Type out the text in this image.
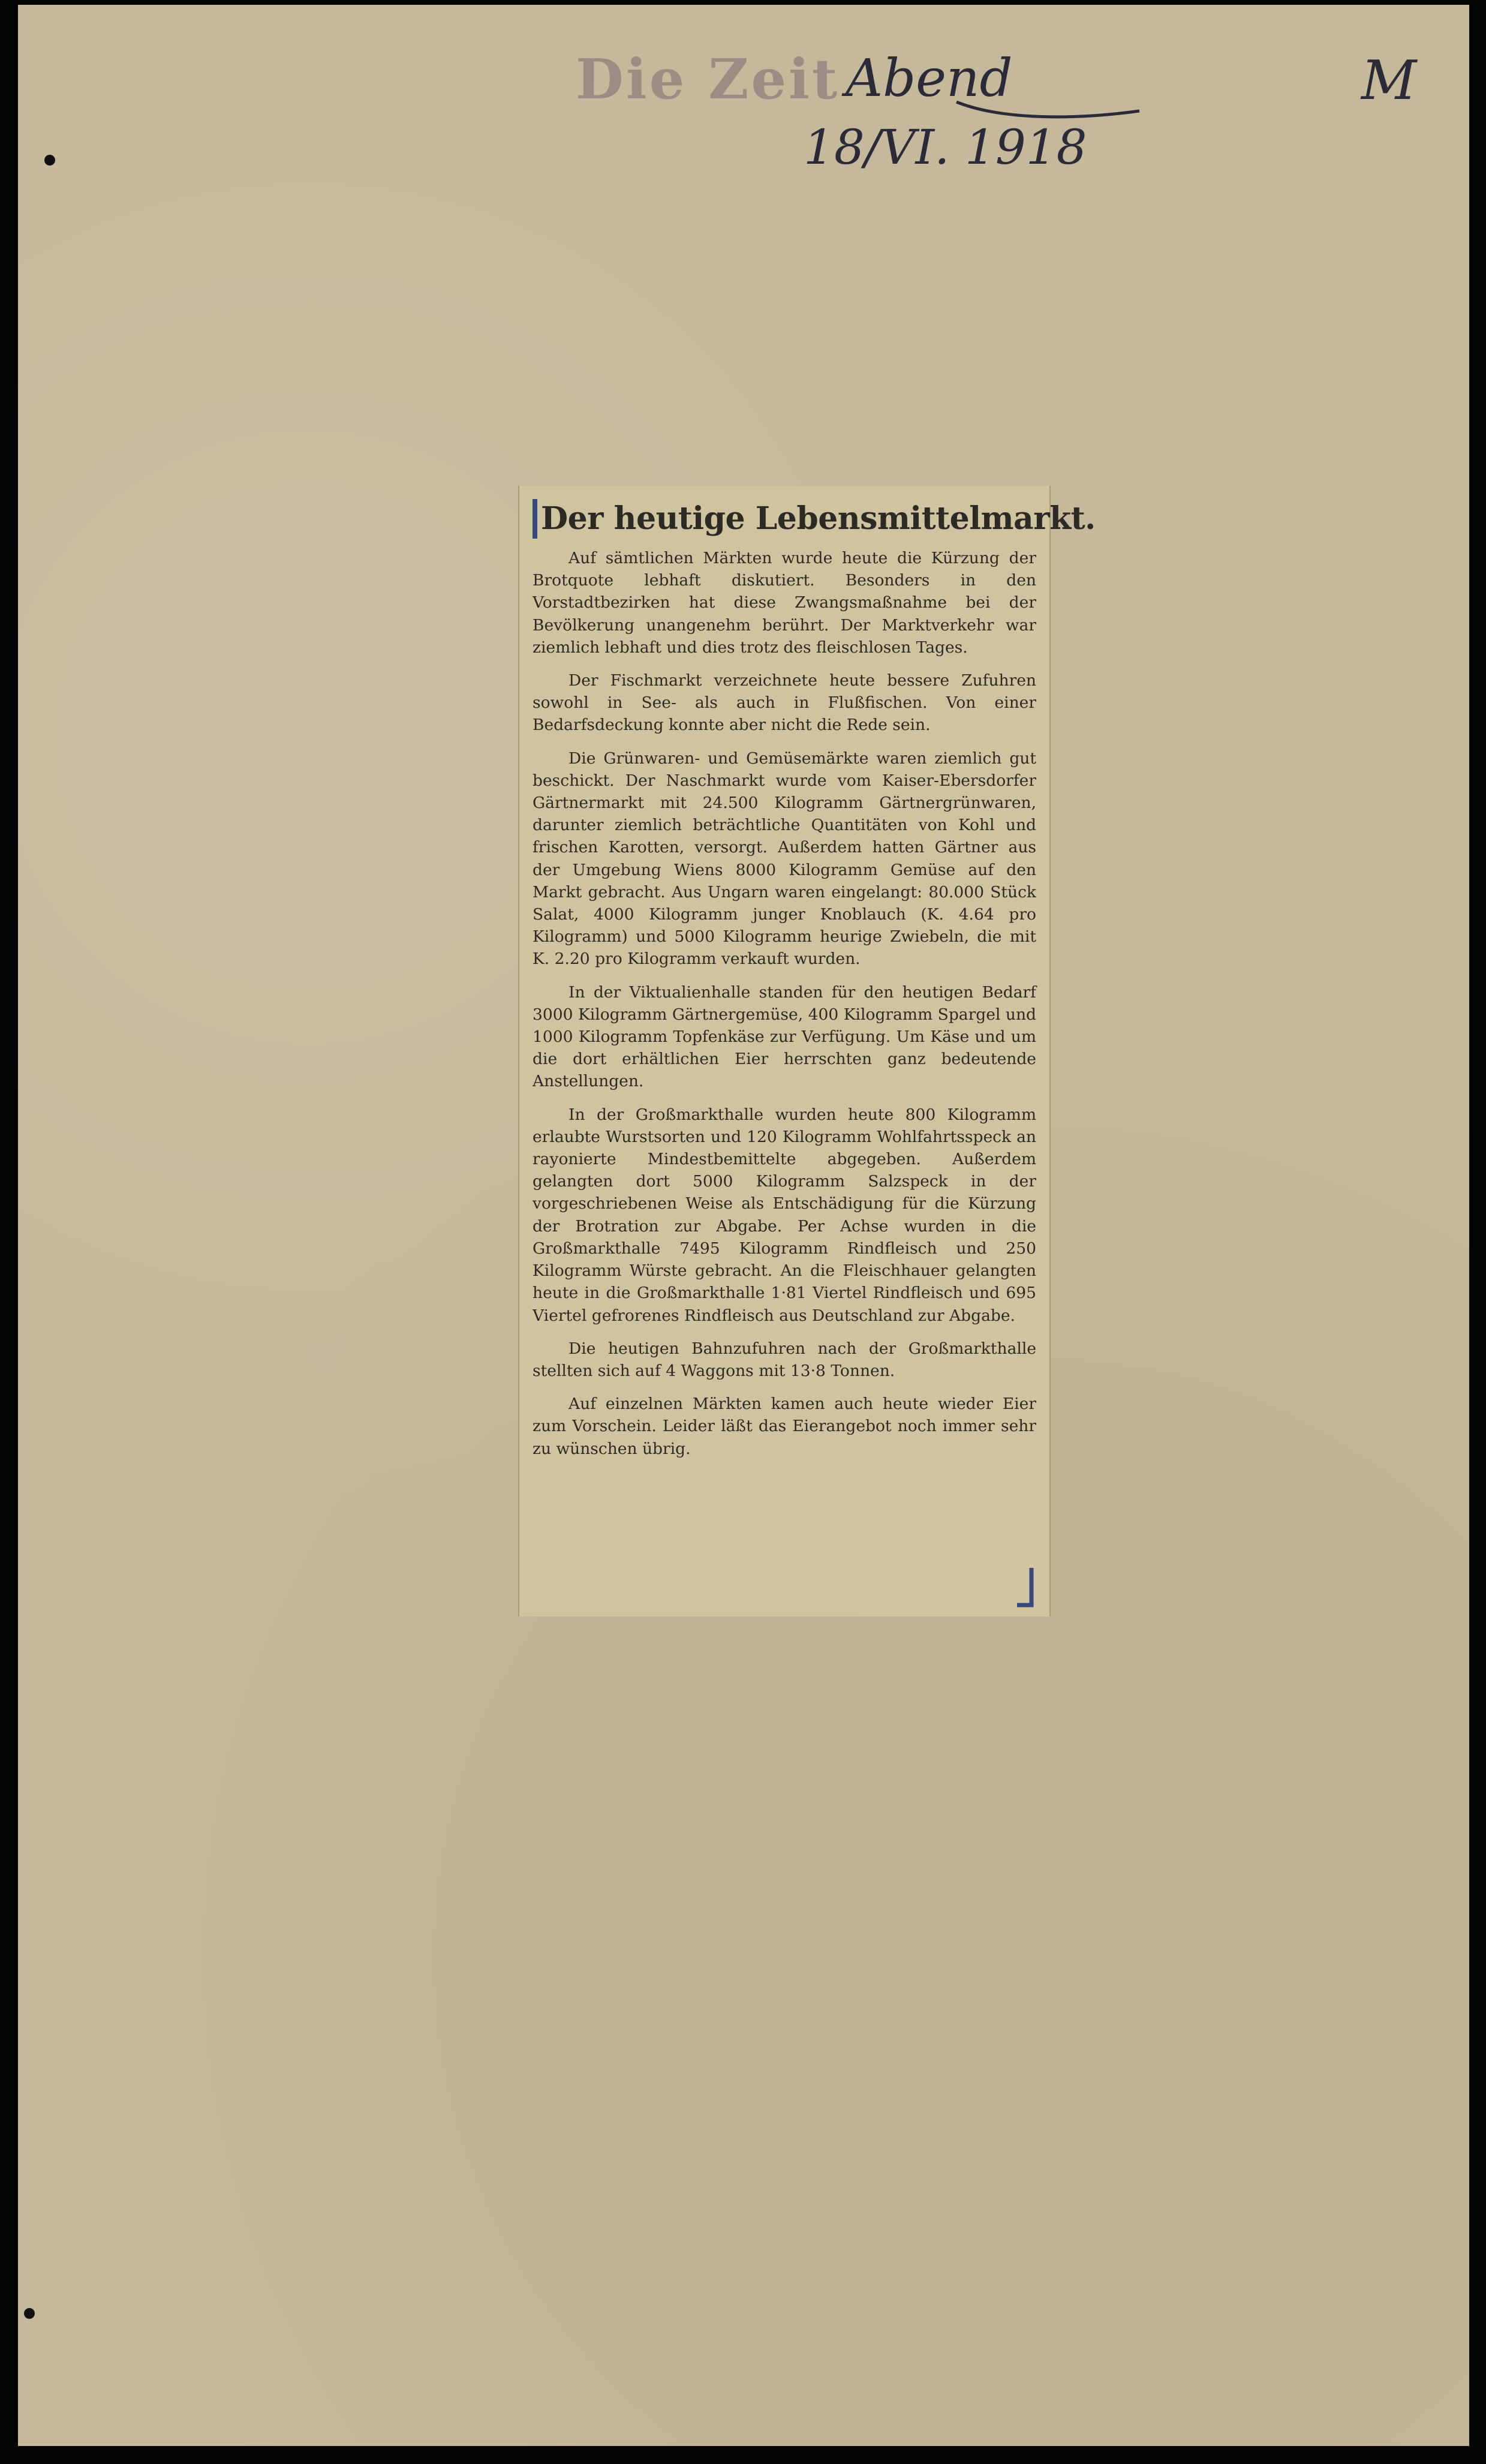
Die Zeit Abend

18/VI. 1918

M

Der heutige Lebensmittelmarkt.

Auf sämtlichen Märkten wurde heute die Kürzung der Brotquote lebhaft diskutiert. Besonders in den Vorstadtbezirken hat diese Zwangsmaßnahme bei der Bevölkerung unangenehm berührt. Der Marktverkehr war ziemlich lebhaft und dies trotz des fleischlosen Tages.

Der Fischmarkt verzeichnete heute bessere Zufuhren sowohl in See- als auch in Flußfischen. Von einer Bedarfsdeckung konnte aber nicht die Rede sein.

Die Grünwaren- und Gemüsemärkte waren ziemlich gut beschickt. Der Naschmarkt wurde vom Kaiser-Ebersdorfer Gärtnermarkt mit 24.500 Kilogramm Gärtnergrünwaren, darunter ziemlich beträchtliche Quantitäten von Kohl und frischen Karotten, versorgt. Außerdem hatten Gärtner aus der Umgebung Wiens 8000 Kilogramm Gemüse auf den Markt gebracht. Aus Ungarn waren eingelangt: 80.000 Stück Salat, 4000 Kilogramm junger Knoblauch (K. 4.64 pro Kilogramm) und 5000 Kilogramm heurige Zwiebeln, die mit K. 2.20 pro Kilogramm verkauft wurden.

In der Viktualienhalle standen für den heutigen Bedarf 3000 Kilogramm Gärtnergemüse, 400 Kilogramm Spargel und 1000 Kilogramm Topfenkäse zur Verfügung. Um Käse und um die dort erhältlichen Eier herrschten ganz bedeutende Anstellungen.

In der Großmarkthalle wurden heute 800 Kilogramm erlaubte Wurstsorten und 120 Kilogramm Wohlfahrtsspeck an rayonierte Mindestbemittelte abgegeben. Außerdem gelangten dort 5000 Kilogramm Salzspeck in der vorgeschriebenen Weise als Entschädigung für die Kürzung der Brotration zur Abgabe. Per Achse wurden in die Großmarkthalle 7495 Kilogramm Rindfleisch und 250 Kilogramm Würste gebracht. An die Fleischhauer gelangten heute in die Großmarkthalle 1·81 Viertel Rindfleisch und 695 Viertel gefrorenes Rindfleisch aus Deutschland zur Abgabe.

Die heutigen Bahnzufuhren nach der Großmarkthalle stellten sich auf 4 Waggons mit 13·8 Tonnen.

Auf einzelnen Märkten kamen auch heute wieder Eier zum Vorschein. Leider läßt das Eierangebot noch immer sehr zu wünschen übrig.
